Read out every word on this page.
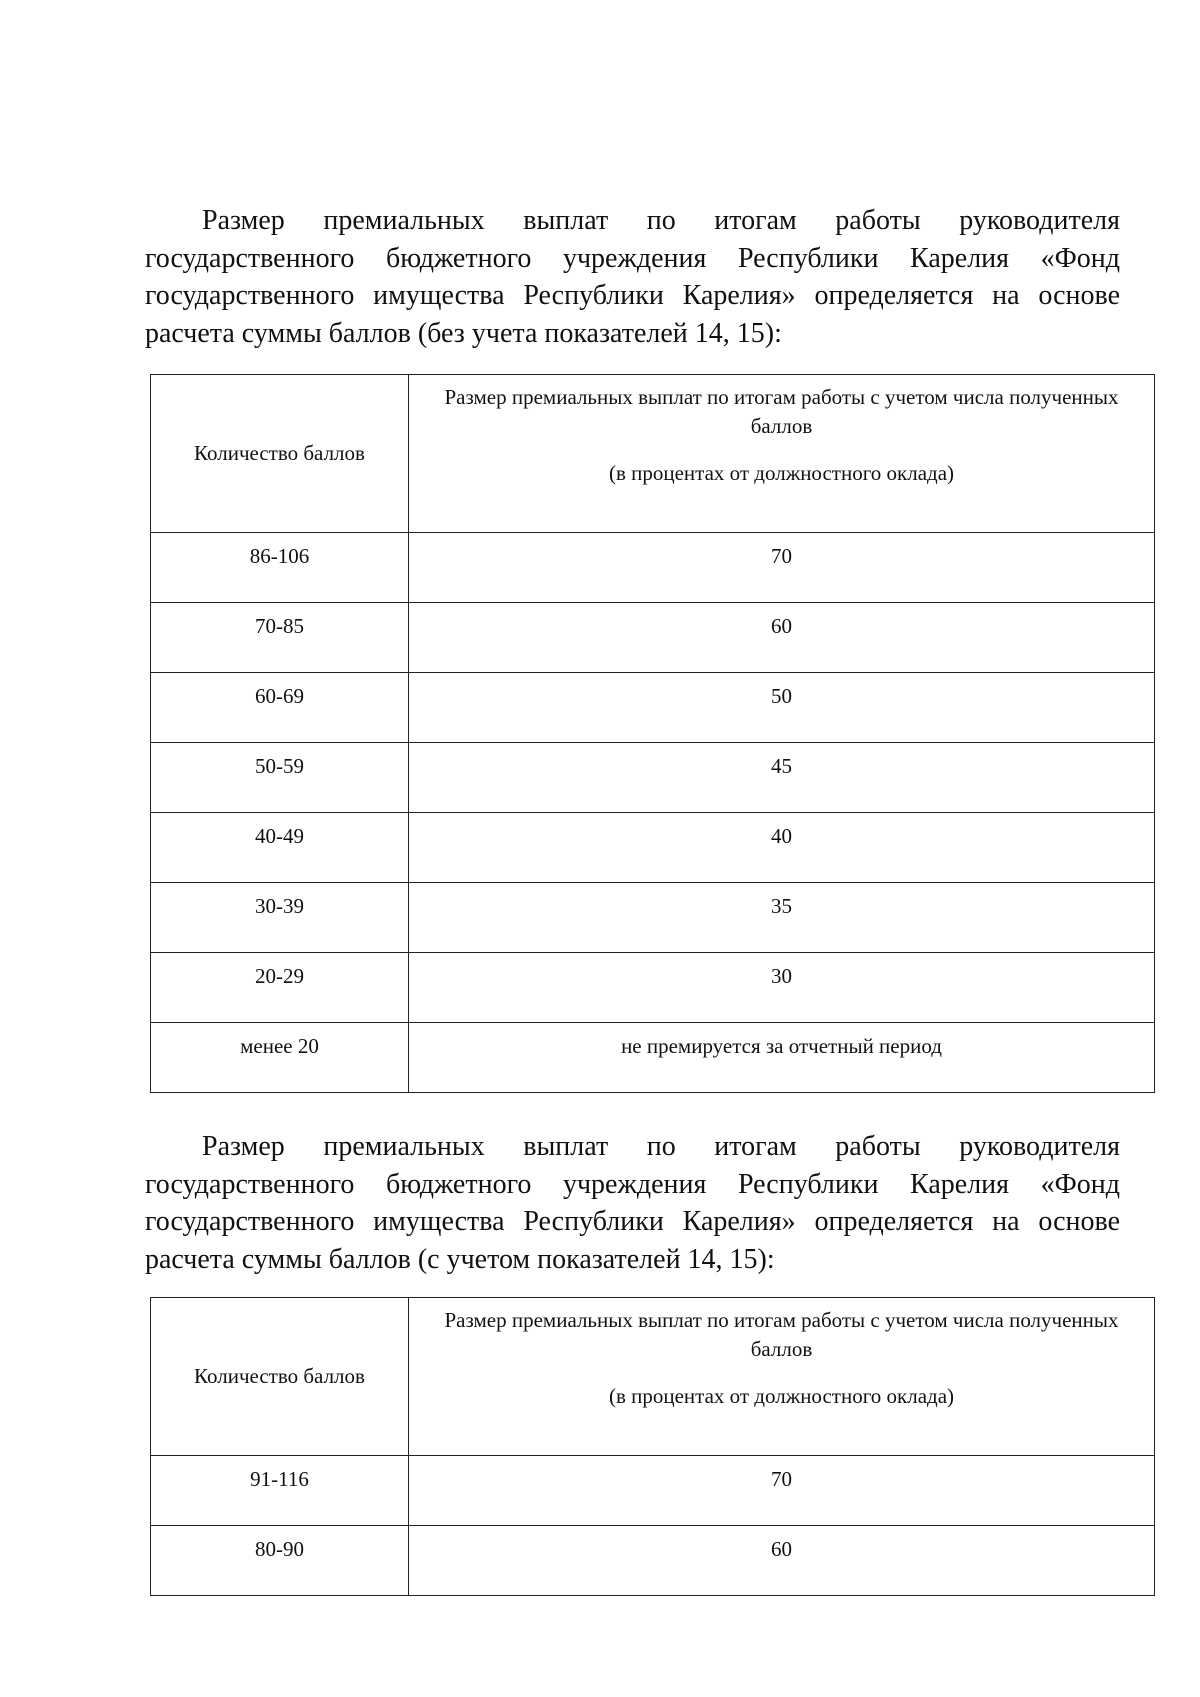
Размер премиальных выплат по итогам работы руководителя государственного бюджетного учреждения Республики Карелия «Фонд государственного имущества Республики Карелия» определяется на основе расчета суммы баллов (без учета показателей 14, 15):

Количество баллов	Размер премиальных выплат по итогам работы с учетом числа полученных баллов
(в процентах от должностного оклада)

86-106	70
70-85	60
60-69	50
50-59	45
40-49	40
30-39	35
20-29	30
менее 20	не премируется за отчетный период

Размер премиальных выплат по итогам работы руководителя государственного бюджетного учреждения Республики Карелия «Фонд государственного имущества Республики Карелия» определяется на основе расчета суммы баллов (с учетом показателей 14, 15):

Количество баллов	Размер премиальных выплат по итогам работы с учетом числа полученных баллов
(в процентах от должностного оклада)

91-116	70
80-90	60
